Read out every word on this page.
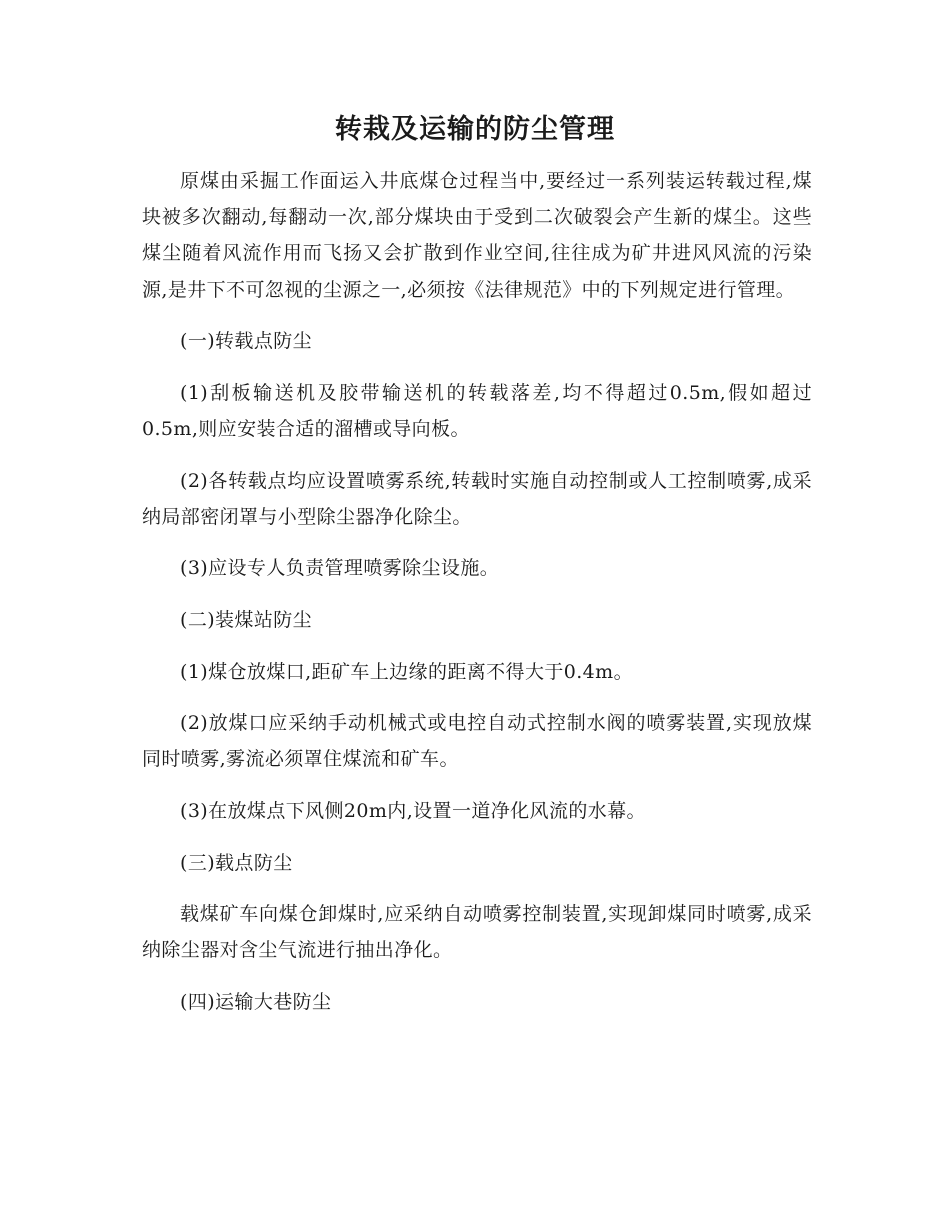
转栽及运输的防尘管理

原煤由采掘工作面运入井底煤仓过程当中,要经过一系列装运转载过程,煤块被多次翻动,每翻动一次,部分煤块由于受到二次破裂会产生新的煤尘。这些煤尘随着风流作用而飞扬又会扩散到作业空间,往往成为矿井进风风流的污染源,是井下不可忽视的尘源之一,必须按《法律规范》中的下列规定进行管理。

(一)转载点防尘

(1)刮板输送机及胶带输送机的转载落差,均不得超过0.5m,假如超过0.5m,则应安装合适的溜槽或导向板。

(2)各转载点均应设置喷雾系统,转载时实施自动控制或人工控制喷雾,成采纳局部密闭罩与小型除尘器净化除尘。

(3)应设专人负责管理喷雾除尘设施。

(二)装煤站防尘

(1)煤仓放煤口,距矿车上边缘的距离不得大于0.4m。

(2)放煤口应采纳手动机械式或电控自动式控制水阀的喷雾装置,实现放煤同时喷雾,雾流必须罩住煤流和矿车。

(3)在放煤点下风侧20m内,设置一道净化风流的水幕。

(三)载点防尘

载煤矿车向煤仓卸煤时,应采纳自动喷雾控制装置,实现卸煤同时喷雾,成采纳除尘器对含尘气流进行抽出净化。

(四)运输大巷防尘
